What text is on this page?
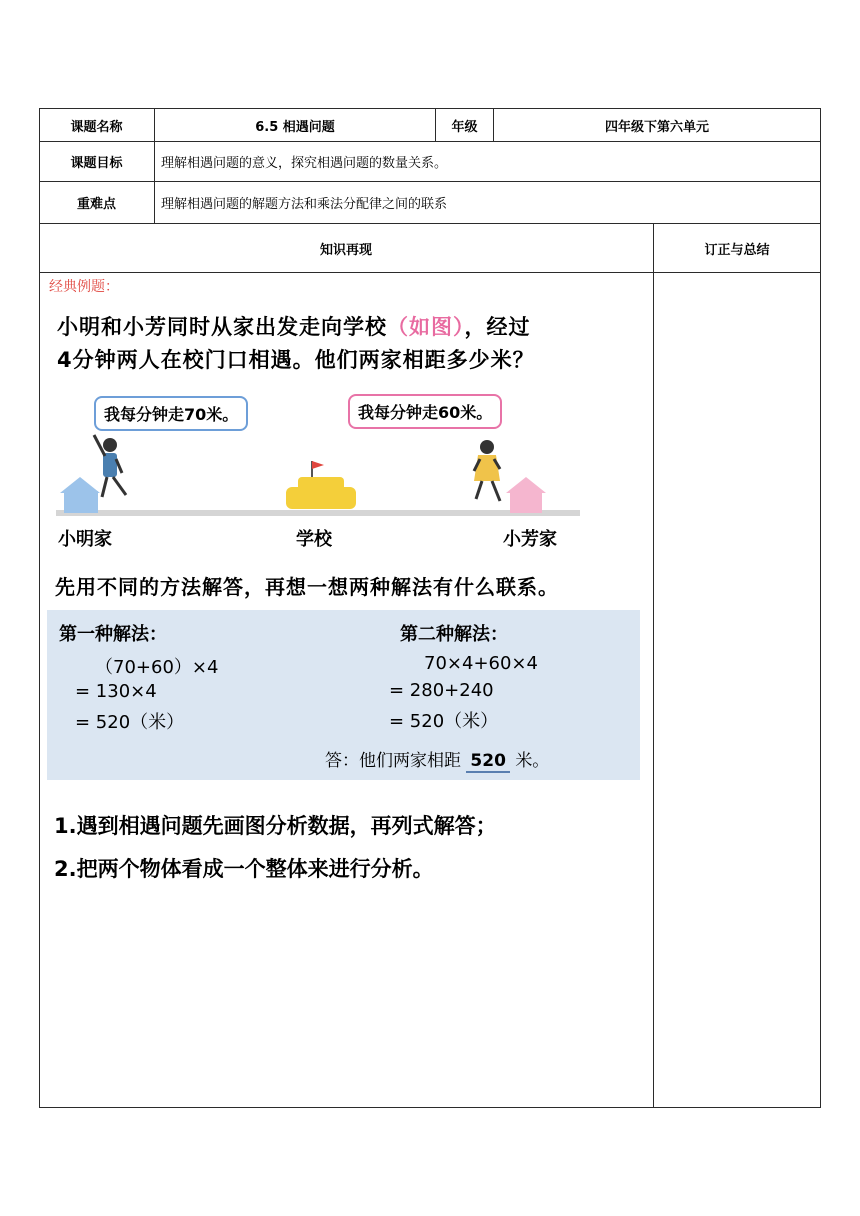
课题名称	6.5 相遇问题	年级	四年级下第六单元
课题目标	理解相遇问题的意义，探究相遇问题的数量关系。
重难点	理解相遇问题的解题方法和乘法分配律之间的联系
知识再现	订正与总结
经典例题：
小明和小芳同时从家出发走向学校（如图），经过
4分钟两人在校门口相遇。他们两家相距多少米？
我每分钟走70米。	我每分钟走60米。
小明家	学校	小芳家
先用不同的方法解答，再想一想两种解法有什么联系。
第一种解法：
（70+60）×4
= 130×4
= 520（米）
第二种解法：
70×4+60×4
= 280+240
= 520（米）
答：他们两家相距 520 米。
1.遇到相遇问题先画图分析数据，再列式解答；
2.把两个物体看成一个整体来进行分析。
